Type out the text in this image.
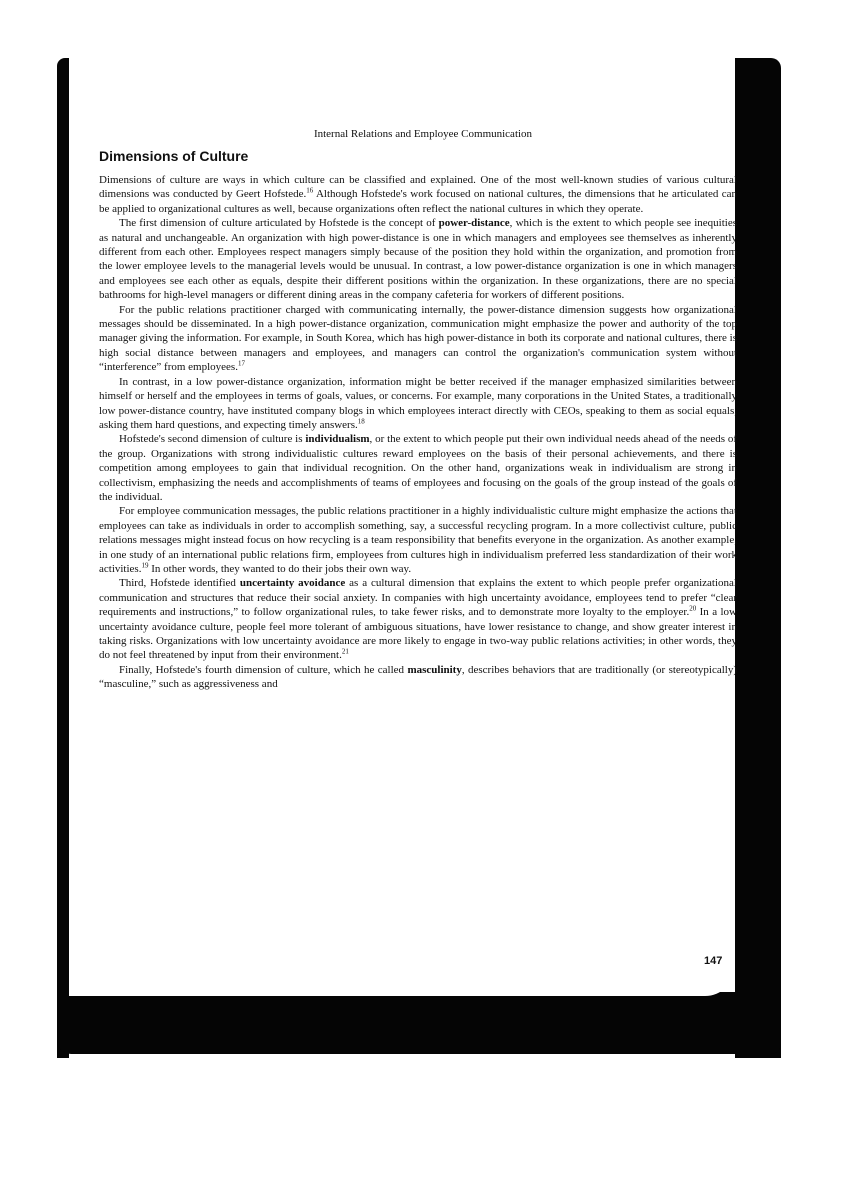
Internal Relations and Employee Communication
Dimensions of Culture

Dimensions of culture are ways in which culture can be classified and explained. One of the most well-known studies of various cultural dimensions was conducted by Geert Hofstede.$^{16}$ Although Hofstede's work focused on national cultures, the dimensions that he articulated can be applied to organizational cultures as well, because organizations often reflect the national cultures in which they operate.

The first dimension of culture articulated by Hofstede is the concept of power-distance, which is the extent to which people see inequities as natural and unchangeable. An organization with high power-distance is one in which managers and employees see themselves as inherently different from each other. Employees respect managers simply because of the position they hold within the organization, and promotion from the lower employee levels to the managerial levels would be unusual. In contrast, a low power-distance organization is one in which managers and employees see each other as equals, despite their different positions within the organization. In these organizations, there are no special bathrooms for high-level managers or different dining areas in the company cafeteria for workers of different positions.

For the public relations practitioner charged with communicating internally, the power-distance dimension suggests how organizational messages should be disseminated. In a high power-distance organization, communication might emphasize the power and authority of the top manager giving the information. For example, in South Korea, which has high power-distance in both its corporate and national cultures, there is high social distance between managers and employees, and managers can control the organization's communication system without “interference” from employees.$^{17}$

In contrast, in a low power-distance organization, information might be better received if the manager emphasized similarities between himself or herself and the employees in terms of goals, values, or concerns. For example, many corporations in the United States, a traditionally low power-distance country, have instituted company blogs in which employees interact directly with CEOs, speaking to them as social equals, asking them hard questions, and expecting timely answers.$^{18}$

Hofstede's second dimension of culture is individualism, or the extent to which people put their own individual needs ahead of the needs of the group. Organizations with strong individualistic cultures reward employees on the basis of their personal achievements, and there is competition among employees to gain that individual recognition. On the other hand, organizations weak in individualism are strong in collectivism, emphasizing the needs and accomplishments of teams of employees and focusing on the goals of the group instead of the goals of the individual.

For employee communication messages, the public relations practitioner in a highly individualistic culture might emphasize the actions that employees can take as individuals in order to accomplish something, say, a successful recycling program. In a more collectivist culture, public relations messages might instead focus on how recycling is a team responsibility that benefits everyone in the organization. As another example, in one study of an international public relations firm, employees from cultures high in individualism preferred less standardization of their work activities.$^{19}$ In other words, they wanted to do their jobs their own way.

Third, Hofstede identified uncertainty avoidance as a cultural dimension that explains the extent to which people prefer organizational communication and structures that reduce their social anxiety. In companies with high uncertainty avoidance, employees tend to prefer “clear requirements and instructions,” to follow organizational rules, to take fewer risks, and to demonstrate more loyalty to the employer.$^{20}$ In a low uncertainty avoidance culture, people feel more tolerant of ambiguous situations, have lower resistance to change, and show greater interest in taking risks. Organizations with low uncertainty avoidance are more likely to engage in two-way public relations activities; in other words, they do not feel threatened by input from their environment.$^{21}$

Finally, Hofstede's fourth dimension of culture, which he called masculinity, describes behaviors that are traditionally (or stereotypically) “masculine,” such as aggressiveness and

147
